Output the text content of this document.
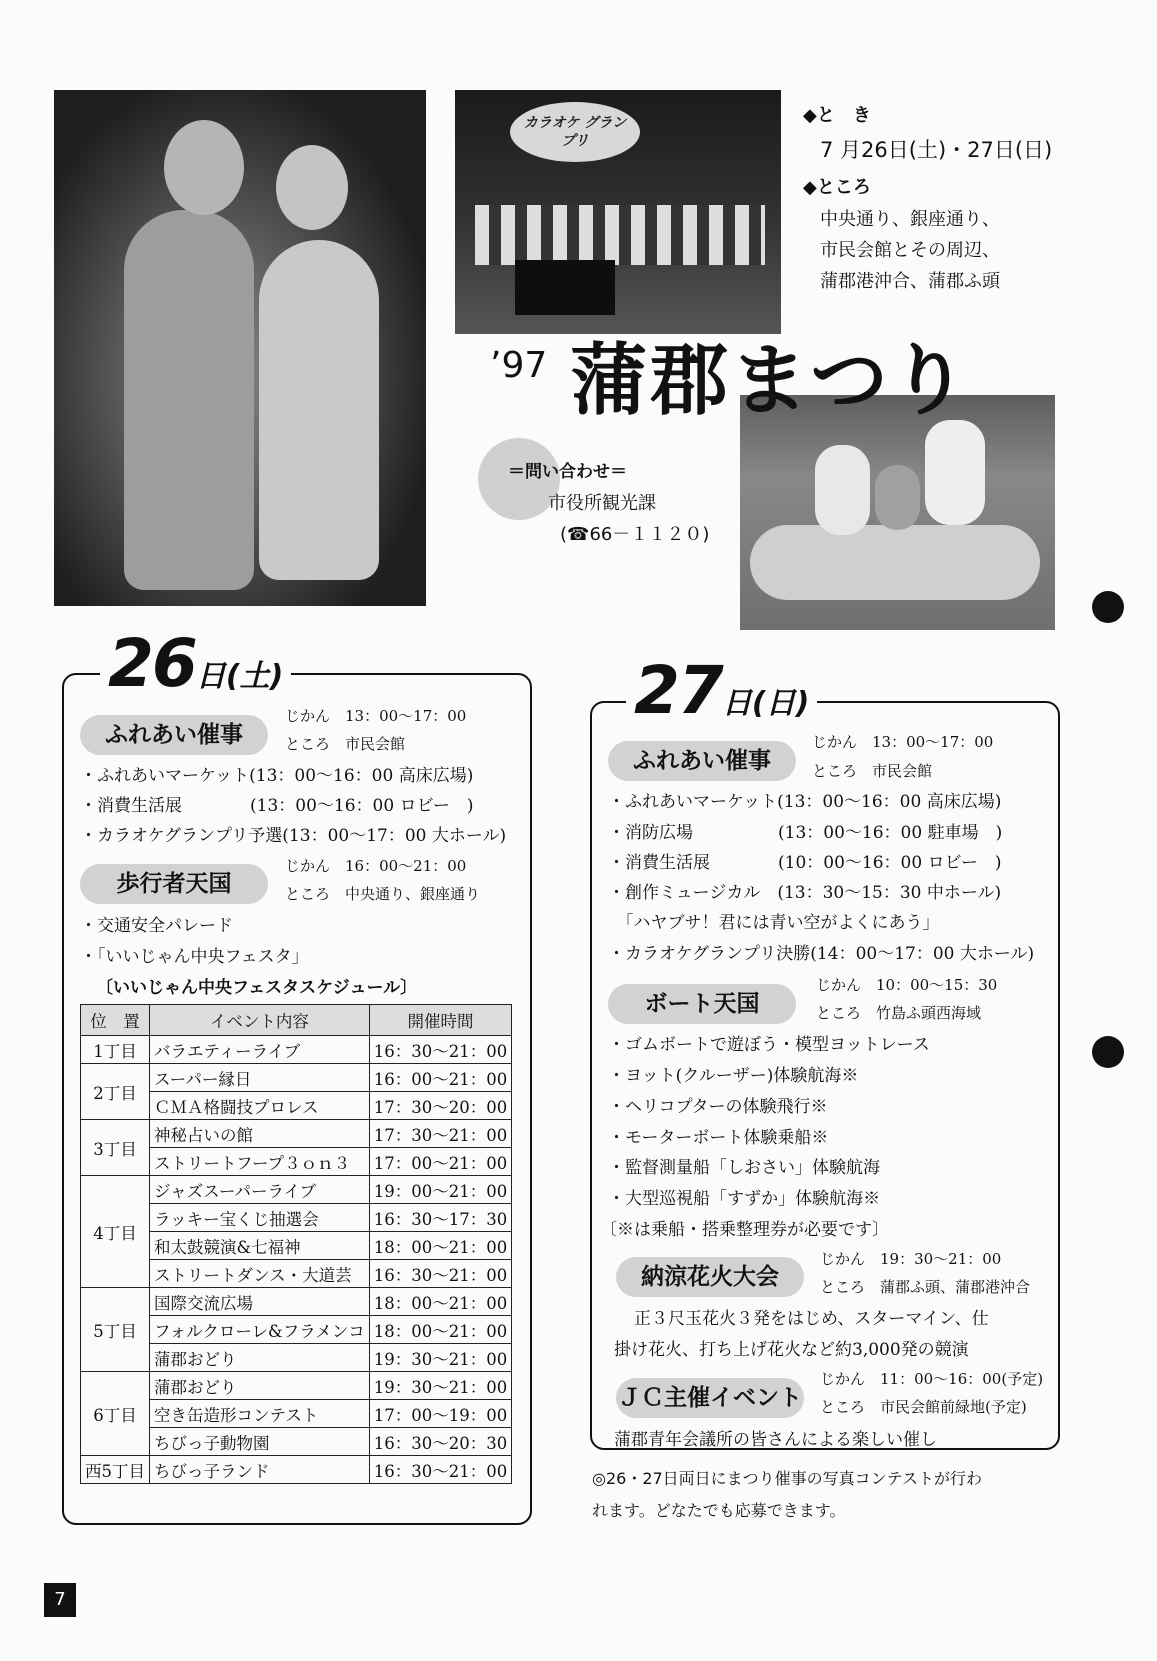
カラオケ グランプリ
◆と　き
7 月26日(土)・27日(日)
◆ところ
中央通り、銀座通り、
市民会館とその周辺、
蒲郡港沖合、蒲郡ふ頭
’97 蒲郡まつり
＝問い合わせ＝
市役所観光課
(☎66－１１２０)
26日(土)
ふれあい催事
じかん　13：00～17：00
ところ　市民会館
・ふれあいマーケット(13：00～16：00 高床広場)
・消費生活展　　　　(13：00～16：00 ロビー　)
・カラオケグランプリ予選(13：00～17：00 大ホール)
歩行者天国
じかん　16：00～21：00
ところ　中央通り、銀座通り
・交通安全パレード
・「いいじゃん中央フェスタ」
〔いいじゃん中央フェスタスケジュール〕
位　置	イベント内容	開催時間
1丁目	バラエティーライブ	16：30～21：00
2丁目	スーパー縁日	16：00～21：00
	ＣＭＡ格闘技プロレス	17：30～20：00
3丁目	神秘占いの館	17：30～21：00
	ストリートフープ３ｏｎ３	17：00～21：00
4丁目	ジャズスーパーライブ	19：00～21：00
	ラッキー宝くじ抽選会	16：30～17：30
	和太鼓競演&七福神	18：00～21：00
	ストリートダンス・大道芸	16：30～21：00
5丁目	国際交流広場	18：00～21：00
	フォルクローレ&フラメンコ	18：00～21：00
	蒲郡おどり	19：30～21：00
6丁目	蒲郡おどり	19：30～21：00
	空き缶造形コンテスト	17：00～19：00
	ちびっ子動物園	16：30～20：30
西5丁目	ちびっ子ランド	16：30～21：00
27日(日)
ふれあい催事
じかん　13：00～17：00
ところ　市民会館
・ふれあいマーケット(13：00～16：00 高床広場)
・消防広場　　　　　(13：00～16：00 駐車場　)
・消費生活展　　　　(10：00～16：00 ロビー　)
・創作ミュージカル　(13：30～15：30 中ホール)
　「ハヤブサ！君には青い空がよくにあう」
・カラオケグランプリ決勝(14：00～17：00 大ホール)
ボート天国
じかん　10：00～15：30
ところ　竹島ふ頭西海域
・ゴムボートで遊ぼう・模型ヨットレース
・ヨット(クルーザー)体験航海※
・ヘリコプターの体験飛行※
・モーターボート体験乗船※
・監督測量船「しおさい」体験航海
・大型巡視船「すずか」体験航海※
〔※は乗船・搭乗整理券が必要です〕
納涼花火大会
じかん　19：30～21：00
ところ　蒲郡ふ頭、蒲郡港沖合
正３尺玉花火３発をはじめ、スターマイン、仕
掛け花火、打ち上げ花火など約3,000発の競演
ＪＣ主催イベント
じかん　11：00～16：00(予定)
ところ　市民会館前緑地(予定)
蒲郡青年会議所の皆さんによる楽しい催し
◎26・27日両日にまつり催事の写真コンテストが行わ
れます。どなたでも応募できます。
7
